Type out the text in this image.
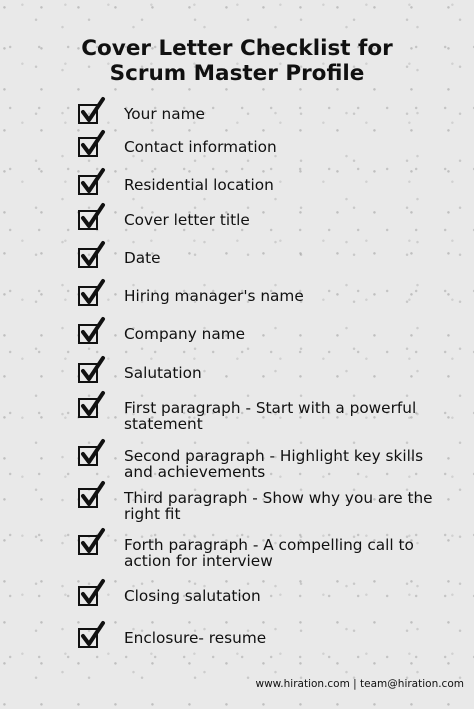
Cover Letter Checklist for
Scrum Master Profile
Your name
Contact information
Residential location
Cover letter title
Date
Hiring manager's name
Company name
Salutation
First paragraph - Start with a powerful
statement
Second paragraph - Highlight key skills
and achievements
Third paragraph - Show why you are the
right fit
Forth paragraph - A compelling call to
action for interview
Closing salutation
Enclosure- resume
www.hiration.com | team@hiration.com
